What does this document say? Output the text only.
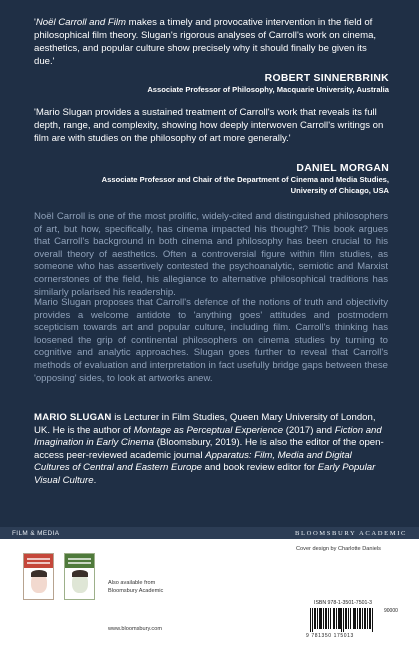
'Noël Carroll and Film makes a timely and provocative intervention in the field of philosophical film theory. Slugan's rigorous analyses of Carroll's work on cinema, aesthetics, and popular culture show precisely why it should finally be given its due.'

ROBERT SINNERBRINK
Associate Professor of Philosophy, Macquarie University, Australia

'Mario Slugan provides a sustained treatment of Carroll's work that reveals its full depth, range, and complexity, showing how deeply interwoven Carroll's writings on film are with studies on the philosophy of art more generally.'

DANIEL MORGAN
Associate Professor and Chair of the Department of Cinema and Media Studies,
University of Chicago, USA

Noël Carroll is one of the most prolific, widely-cited and distinguished philosophers of art, but how, specifically, has cinema impacted his thought? This book argues that Carroll's background in both cinema and philosophy has been crucial to his overall theory of aesthetics. Often a controversial figure within film studies, as someone who has assertively contested the psychoanalytic, semiotic and Marxist cornerstones of the field, his allegiance to alternative philosophical traditions has similarly polarised his readership.

Mario Slugan proposes that Carroll's defence of the notions of truth and objectivity provides a welcome antidote to 'anything goes' attitudes and postmodern scepticism towards art and popular culture, including film. Carroll's thinking has loosened the grip of continental philosophers on cinema studies by turning to cognitive and analytic approaches. Slugan goes further to reveal that Carroll's methods of evaluation and interpretation in fact usefully bridge gaps between these 'opposing' sides, to look at artworks anew.

MARIO SLUGAN is Lecturer in Film Studies, Queen Mary University of London, UK. He is the author of Montage as Perceptual Experience (2017) and Fiction and Imagination in Early Cinema (Bloomsbury, 2019). He is also the editor of the open-access peer-reviewed academic journal Apparatus: Film, Media and Digital Cultures of Central and Eastern Europe and book review editor for Early Popular Visual Culture.

FILM & MEDIA	BLOOMSBURY ACADEMIC
Also available from
Bloomsbury Academic
www.bloomsbury.com
Cover design by Charlotte Daniels
ISBN 978-1-3501-7501-3
9 781350 175013
90000
